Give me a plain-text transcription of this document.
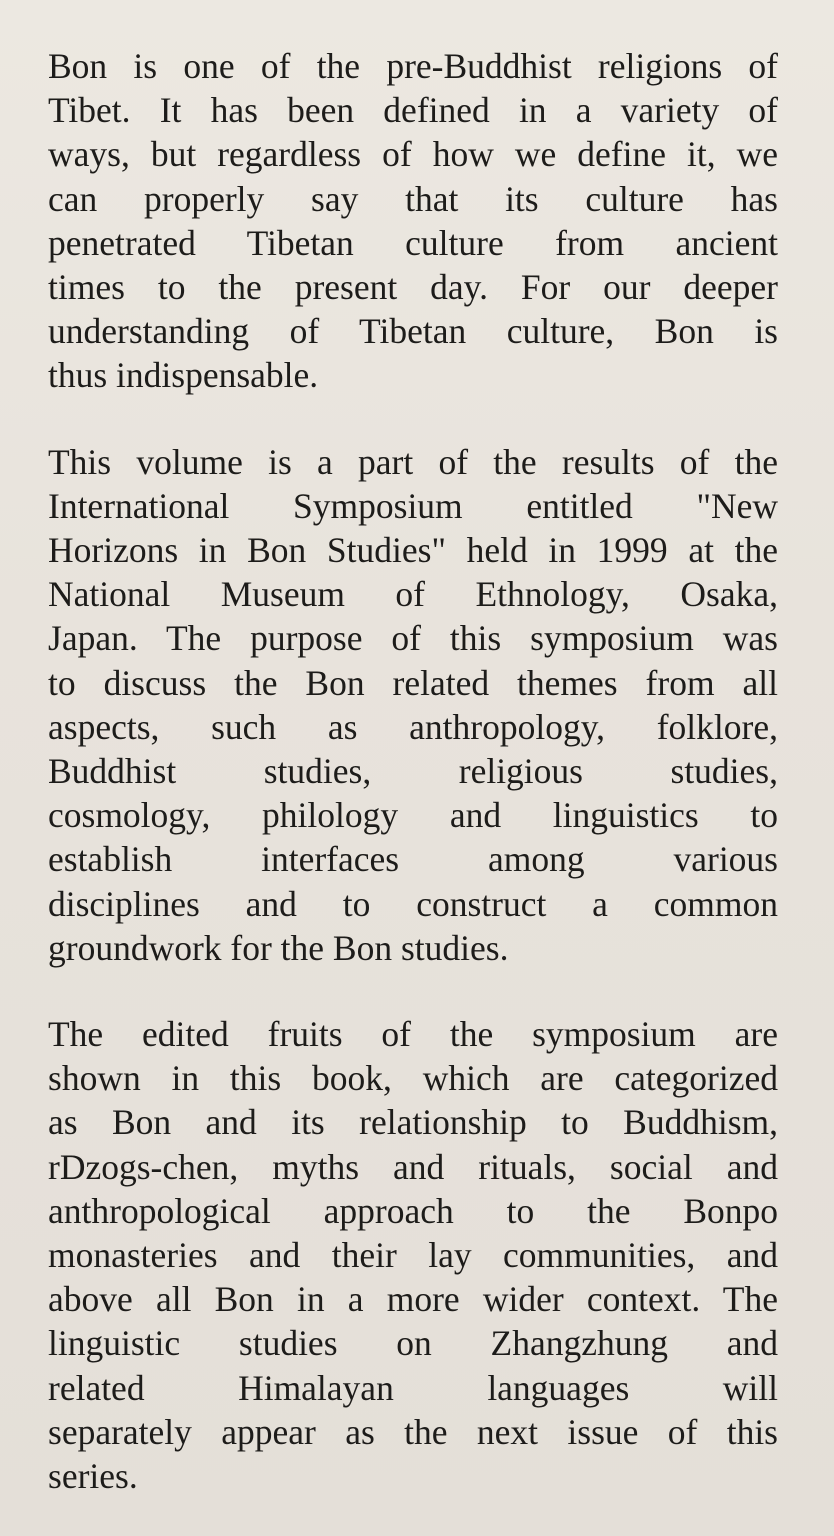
Bon is one of the pre-Buddhist religions of
Tibet. It has been defined in a variety of
ways, but regardless of how we define it, we
can properly say that its culture has
penetrated Tibetan culture from ancient
times to the present day. For our deeper
understanding of Tibetan culture, Bon is
thus indispensable.

This volume is a part of the results of the
International Symposium entitled "New
Horizons in Bon Studies" held in 1999 at the
National Museum of Ethnology, Osaka,
Japan. The purpose of this symposium was
to discuss the Bon related themes from all
aspects, such as anthropology, folklore,
Buddhist studies, religious studies,
cosmology, philology and linguistics to
establish interfaces among various
disciplines and to construct a common
groundwork for the Bon studies.

The edited fruits of the symposium are
shown in this book, which are categorized
as Bon and its relationship to Buddhism,
rDzogs-chen, myths and rituals, social and
anthropological approach to the Bonpo
monasteries and their lay communities, and
above all Bon in a more wider context. The
linguistic studies on Zhangzhung and
related Himalayan languages will
separately appear as the next issue of this
series.
